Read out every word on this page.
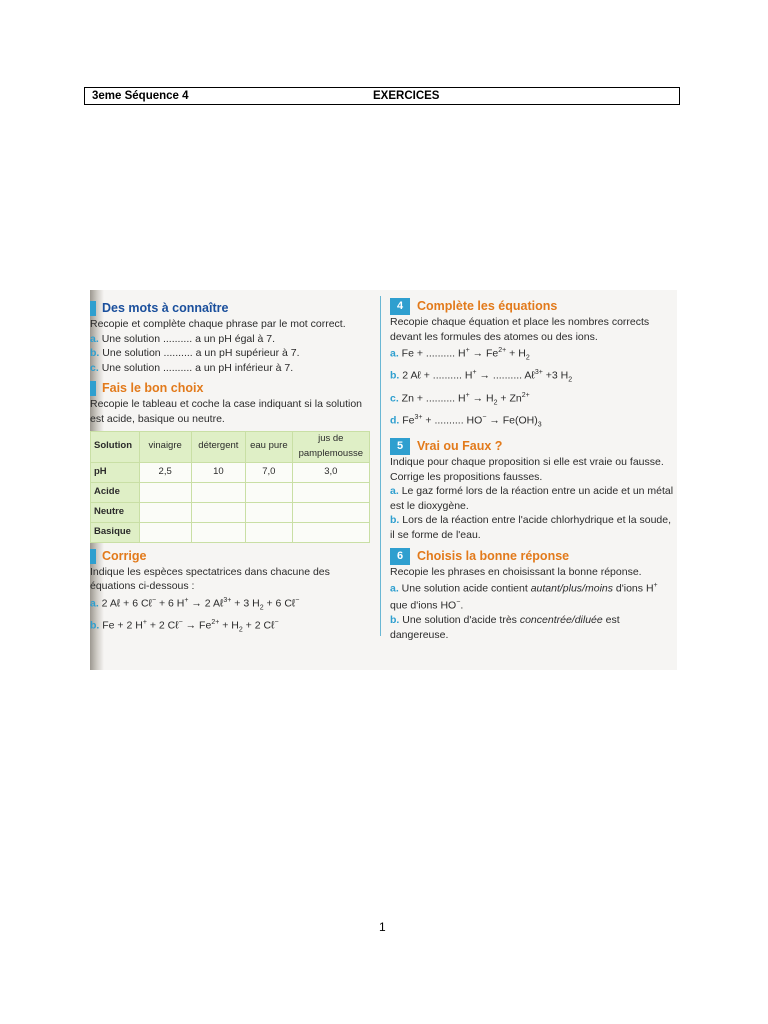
3eme Séquence 4	EXERCICES
Des mots à connaître
Recopie et complète chaque phrase par le mot correct.
a. Une solution .......... a un pH égal à 7.
b. Une solution .......... a un pH supérieur à 7.
c. Une solution .......... a un pH inférieur à 7.
Fais le bon choix
Recopie le tableau et coche la case indiquant si la solution est acide, basique ou neutre.
Solution	vinaigre	détergent	eau pure	jus de pamplemousse
pH	2,5	10	7,0	3,0
Acide				
Neutre				
Basique				
Corrige
Indique les espèces spectatrices dans chacune des équations ci-dessous :
a. 2 Aℓ + 6 Cℓ− + 6 H+ → 2 Aℓ$^{3+}$ + 3 $H_2 + 6$ Cℓ−
b. Fe + 2 H+ + 2 Cℓ− → $Fe^{2+} + H_2 + 2$ Cℓ−
4	Complète les équations
Recopie chaque équation et place les nombres corrects devant les formules des atomes ou des ions.
a. Fe + .......... $H^+ \to Fe^{2+} + H_2$
b. 2 Aℓ + .......... H+ → .......... Aℓ$^{3+}$ +3 $H_2$
c. Zn + .......... $H^+ \to H_2 + Zn^{2+}$
d. $Fe^{3+}$ + .......... $HO^- \to Fe(OH)_3$
5	Vrai ou Faux ?
Indique pour chaque proposition si elle est vraie ou fausse. Corrige les propositions fausses.
a. Le gaz formé lors de la réaction entre un acide et un métal est le dioxygène.
b. Lors de la réaction entre l'acide chlorhydrique et la soude, il se forme de l'eau.
6	Choisis la bonne réponse
Recopie les phrases en choisissant la bonne réponse.
a. Une solution acide contient autant/plus/moins d'ions H+ que d'ions HO−.
b. Une solution d'acide très concentrée/diluée est dangereuse.
1
